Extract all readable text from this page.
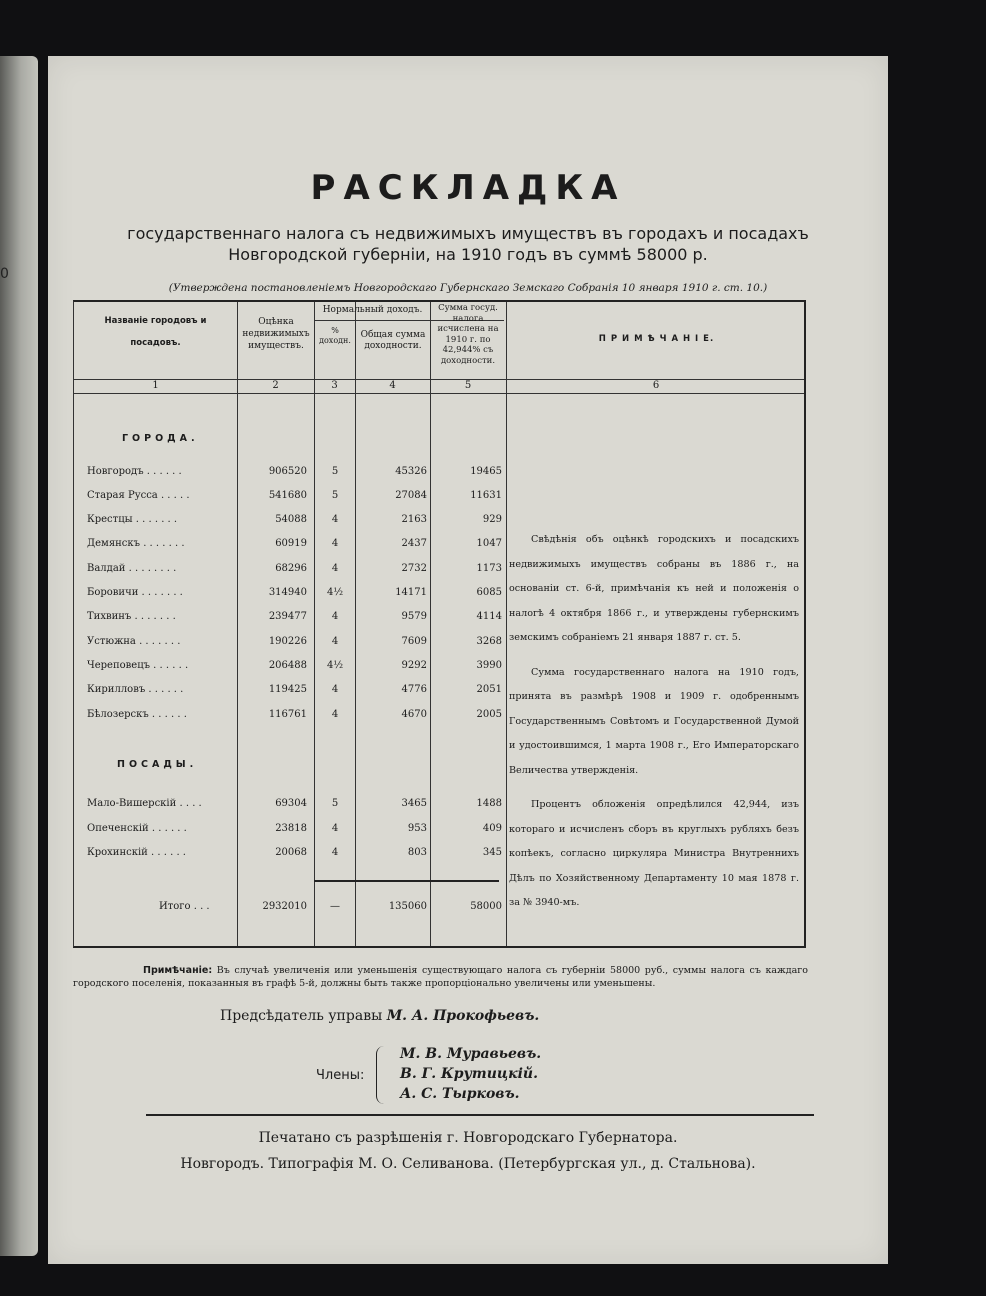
0
РАСКЛАДКА
государственнаго налога съ недвижимыхъ имуществъ въ городахъ и посадахъ
Новгородской губерніи, на 1910 годъ въ суммѣ 58000 р.
(Утверждена постановленіемъ Новгородскаго Губернскаго Земскаго Собранія 10 января 1910 г. ст. 10.)
Названіе городовъ и
посадовъ.
Оцѣнка недвижимыхъ имуществъ.
Нормальный доходъ.
% доходн.
Общая сумма доходности.
Сумма госуд. налога исчислена на 1910 г. по 42,944% съ доходности.
П Р И М Ѣ Ч А Н І Е.
1	2	3	4	5	6
ГОРОДА.
ПОСАДЫ.
Новгородъ . . . . . .	906520	5	45326	19465
Старая Русса . . . . .	541680	5	27084	11631
Крестцы . . . . . . .	54088	4	2163	929
Демянскъ . . . . . . .	60919	4	2437	1047
Валдай . . . . . . . .	68296	4	2732	1173
Боровичи . . . . . . .	314940	4½	14171	6085
Тихвинъ . . . . . . .	239477	4	9579	4114
Устюжна . . . . . . .	190226	4	7609	3268
Череповецъ . . . . . .	206488	4½	9292	3990
Кирилловъ . . . . . .	119425	4	4776	2051
Бѣлозерскъ . . . . . .	116761	4	4670	2005
Мало-Вишерскій . . . .	69304	5	3465	1488
Опеченскій . . . . . .	23818	4	953	409
Крохинскій . . . . . .	20068	4	803	345
Итого . . .	2932010	—	135060	58000

Свѣдѣнія объ оцѣнкѣ городскихъ и посадскихъ недвижимыхъ имуществъ собраны въ 1886 г., на основаніи ст. 6-й, примѣчанія къ ней и положенія о налогѣ 4 октября 1866 г., и утверждены губернскимъ земскимъ собраніемъ 21 января 1887 г. ст. 5.

Сумма государственнаго налога на 1910 годъ, принята въ размѣрѣ 1908 и 1909 г. одобреннымъ Государственнымъ Совѣтомъ и Государственной Думой и удостоившимся, 1 марта 1908 г., Его Императорскаго Величества утвержденія.

Процентъ обложенія опредѣлился 42,944, изъ котораго и исчисленъ сборъ въ круглыхъ рубляхъ безъ копѣекъ, согласно циркуляра Министра Внутреннихъ Дѣлъ по Хозяйственному Департаменту 10 мая 1878 г. за № 3940-мъ.

Примѣчаніе: Въ случаѣ увеличенія или уменьшенія существующаго налога съ губерніи 58000 руб., суммы налога съ каждаго городского поселенія, показанныя въ графѣ 5-й, должны быть также пропорціонально увеличены или уменьшены.
Предсѣдатель управы М. А. Прокофьевъ.
Члены:
М. В. Муравьевъ.
В. Г. Крутицкій.
А. С. Тырковъ.
Печатано съ разрѣшенія г. Новгородскаго Губернатора.
Новгородъ. Типографія М. О. Селиванова. (Петербургская ул., д. Стальнова).
